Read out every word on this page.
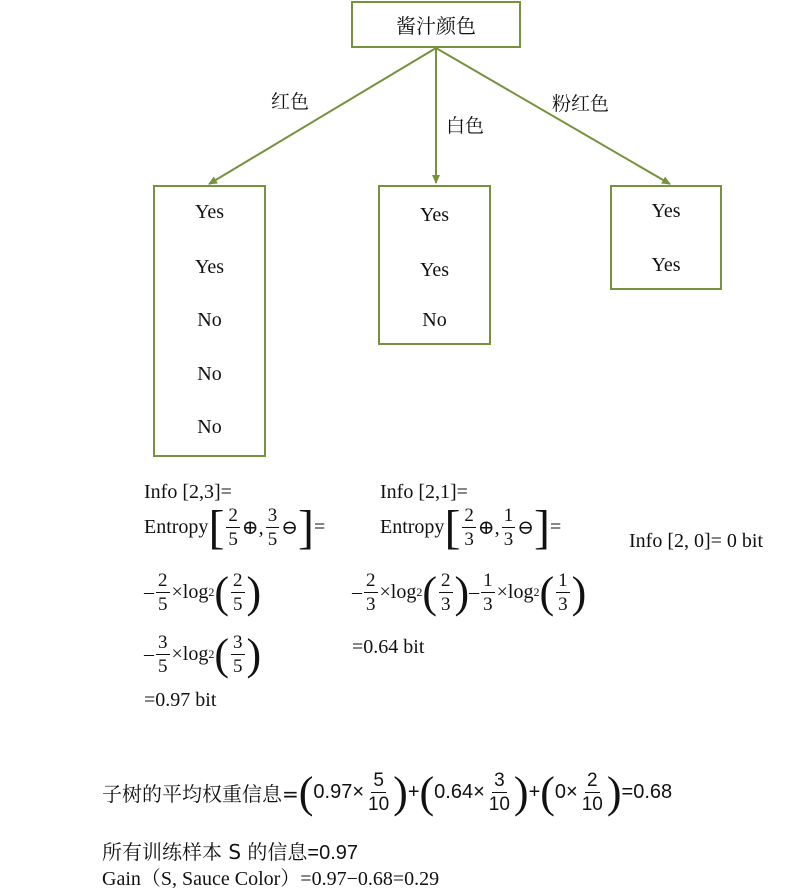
酱汁颜色
红色
白色
粉红色
Yes
Yes
No
No
No
Yes
Yes
No
Yes
Yes
Info [2,3]=
Entropy [ $\frac{2}{5}$ ⊕, $\frac{3}{5}$ ⊖ ] =
– $\frac{2}{5} \times\log$ 2 ( $\frac{2}{5}$ )
– $\frac{3}{5} \times\log$ 2 ( $\frac{3}{5}$ )
=0.97 bit
Info [2,1]=
Entropy [ $\frac{2}{3}$ ⊕, $\frac{1}{3}$ ⊖ ] =
– $\frac{2}{3} \times\log$ 2 ( $\frac{2}{3}$ ) – $\frac{1}{3} \times\log$ 2 ( $\frac{1}{3}$ )
=0.64 bit
Info [2, 0]= 0 bit
子树的平均权重信息= ( $0.97\times \frac{5}{10}$ ) + ( $0.64\times \frac{3}{10}$ ) + ( $0\times \frac{2}{10}$ ) =0.68
所有训练样本 S 的信息=0.97
Gain（S, Sauce Color）=0.97−0.68=0.29
